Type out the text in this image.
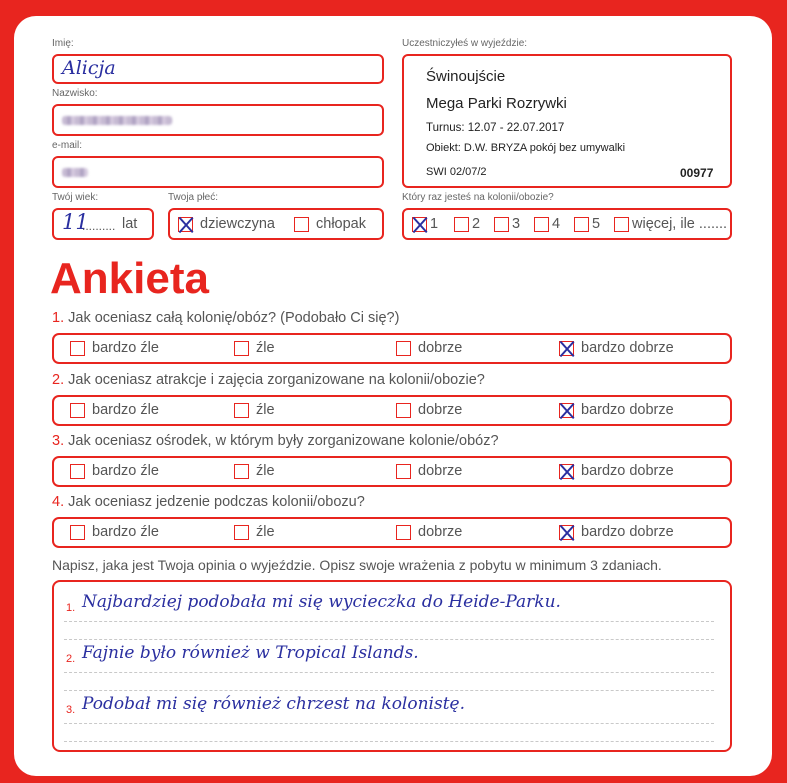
Imię:
Alicja
Nazwisko:
e-mail:
Twój wiek:
11
.......... lat
Twoja płeć:
dziewczyna	chłopak
Uczestniczyłeś w wyjeździe:
Świnoujście
Mega Parki Rozrywki
Turnus: 12.07 - 22.07.2017
Obiekt: D.W. BRYZA pokój bez umywalki
SWI 02/07/2	00977
Który raz jesteś na kolonii/obozie?
1 2 3 4 5 więcej, ile .......
Ankieta
1. Jak oceniasz całą kolonię/obóz? (Podobało Ci się?)
bardzo źle	źle	dobrze	bardzo dobrze
2. Jak oceniasz atrakcje i zajęcia zorganizowane na kolonii/obozie?
bardzo źle	źle	dobrze	bardzo dobrze
3. Jak oceniasz ośrodek, w którym były zorganizowane kolonie/obóz?
bardzo źle	źle	dobrze	bardzo dobrze
4. Jak oceniasz jedzenie podczas kolonii/obozu?
bardzo źle	źle	dobrze	bardzo dobrze
Napisz, jaka jest Twoja opinia o wyjeździe. Opisz swoje wrażenia z pobytu w minimum 3 zdaniach.
1. Najbardziej podobała mi się wycieczka do Heide-Parku.
2. Fajnie było również w Tropical Islands.
3. Podobał mi się również chrzest na kolonistę.
